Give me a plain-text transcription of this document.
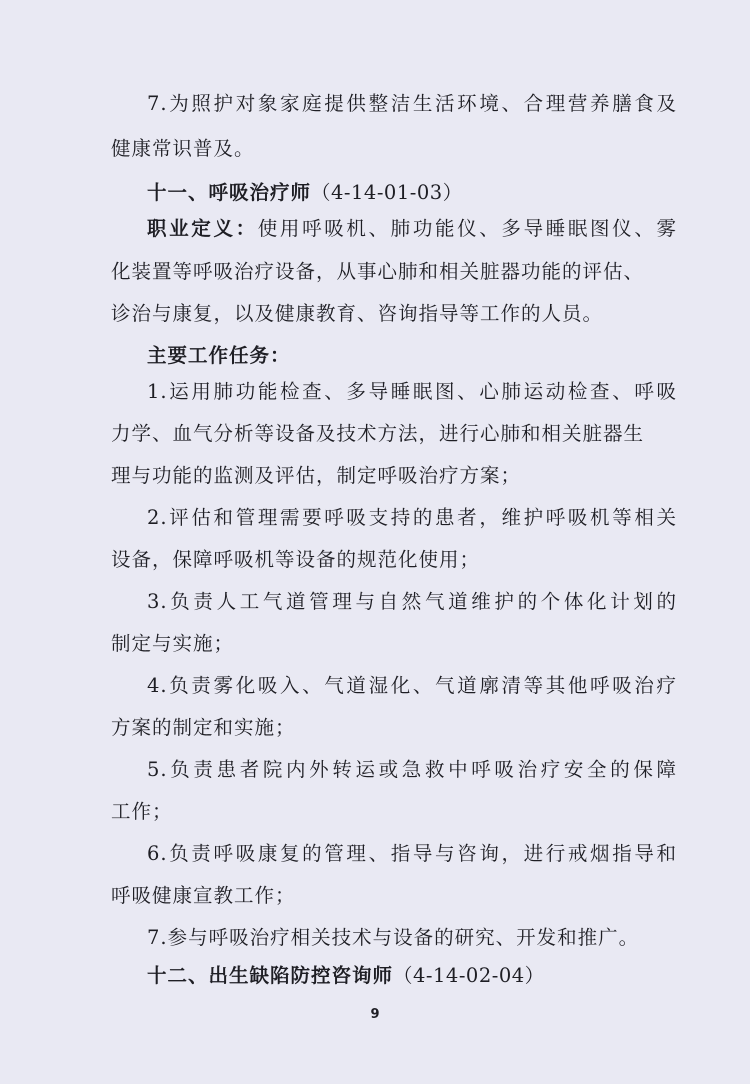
7.为照护对象家庭提供整洁生活环境、合理营养膳食及
健康常识普及。
十一、呼吸治疗师（4-14-01-03）
职业定义：使用呼吸机、肺功能仪、多导睡眠图仪、雾
化装置等呼吸治疗设备，从事心肺和相关脏器功能的评估、
诊治与康复，以及健康教育、咨询指导等工作的人员。
主要工作任务：
1.运用肺功能检查、多导睡眠图、心肺运动检查、呼吸
力学、血气分析等设备及技术方法，进行心肺和相关脏器生
理与功能的监测及评估，制定呼吸治疗方案；
2.评估和管理需要呼吸支持的患者，维护呼吸机等相关
设备，保障呼吸机等设备的规范化使用；
3.负责人工气道管理与自然气道维护的个体化计划的
制定与实施；
4.负责雾化吸入、气道湿化、气道廓清等其他呼吸治疗
方案的制定和实施；
5.负责患者院内外转运或急救中呼吸治疗安全的保障
工作；
6.负责呼吸康复的管理、指导与咨询，进行戒烟指导和
呼吸健康宣教工作；
7.参与呼吸治疗相关技术与设备的研究、开发和推广。
十二、出生缺陷防控咨询师（4-14-02-04）
9
